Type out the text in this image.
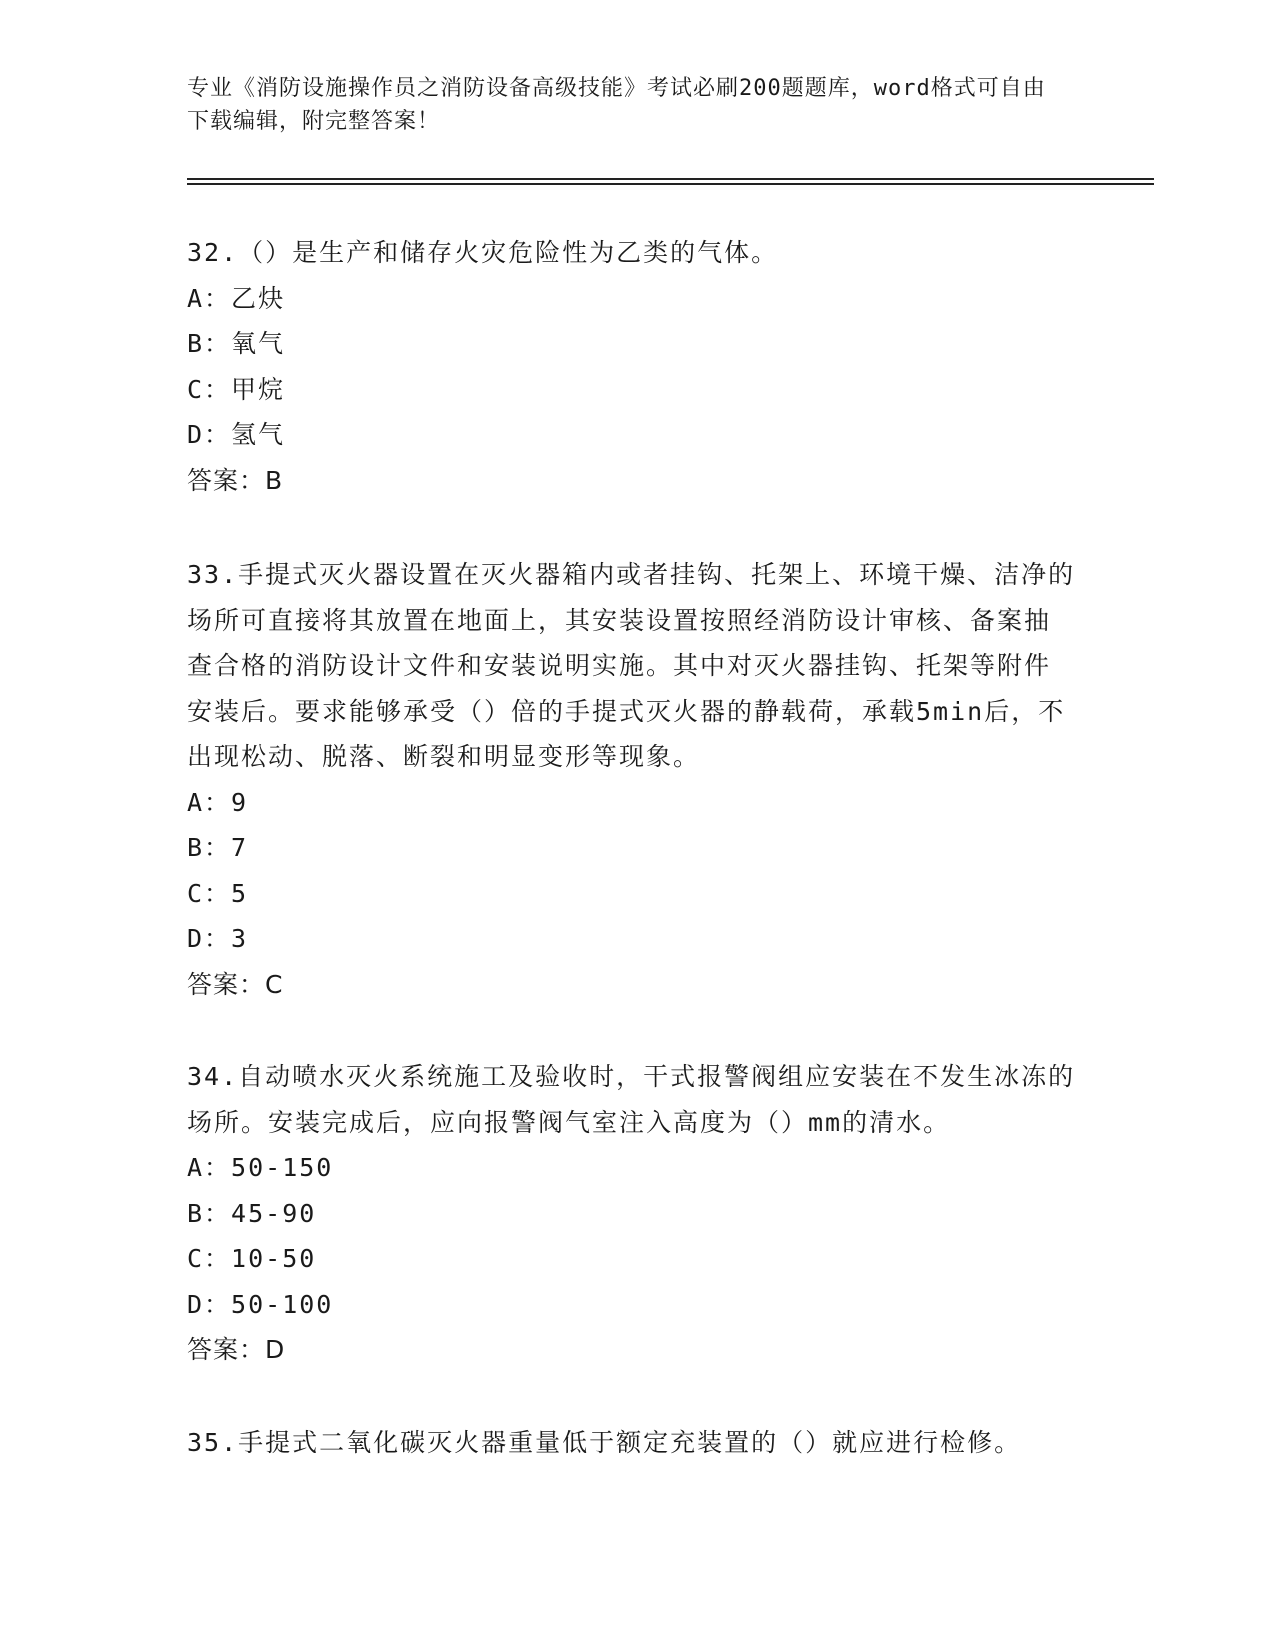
专业《消防设施操作员之消防设备高级技能》考试必刷200题题库，word格式可自由下载编辑，附完整答案！

32.（）是生产和储存火灾危险性为乙类的气体。

A：乙炔

B：氧气

C：甲烷

D：氢气

答案：B

33.手提式灭火器设置在灭火器箱内或者挂钩、托架上、环境干燥、洁净的场所可直接将其放置在地面上，其安装设置按照经消防设计审核、备案抽查合格的消防设计文件和安装说明实施。其中对灭火器挂钩、托架等附件安装后。要求能够承受（）倍的手提式灭火器的静载荷，承载5min后，不出现松动、脱落、断裂和明显变形等现象。

A：9

B：7

C：5

D：3

答案：C

34.自动喷水灭火系统施工及验收时，干式报警阀组应安装在不发生冰冻的场所。安装完成后，应向报警阀气室注入高度为（）mm的清水。

A：50-150

B：45-90

C：10-50

D：50-100

答案：D

35.手提式二氧化碳灭火器重量低于额定充装置的（）就应进行检修。
